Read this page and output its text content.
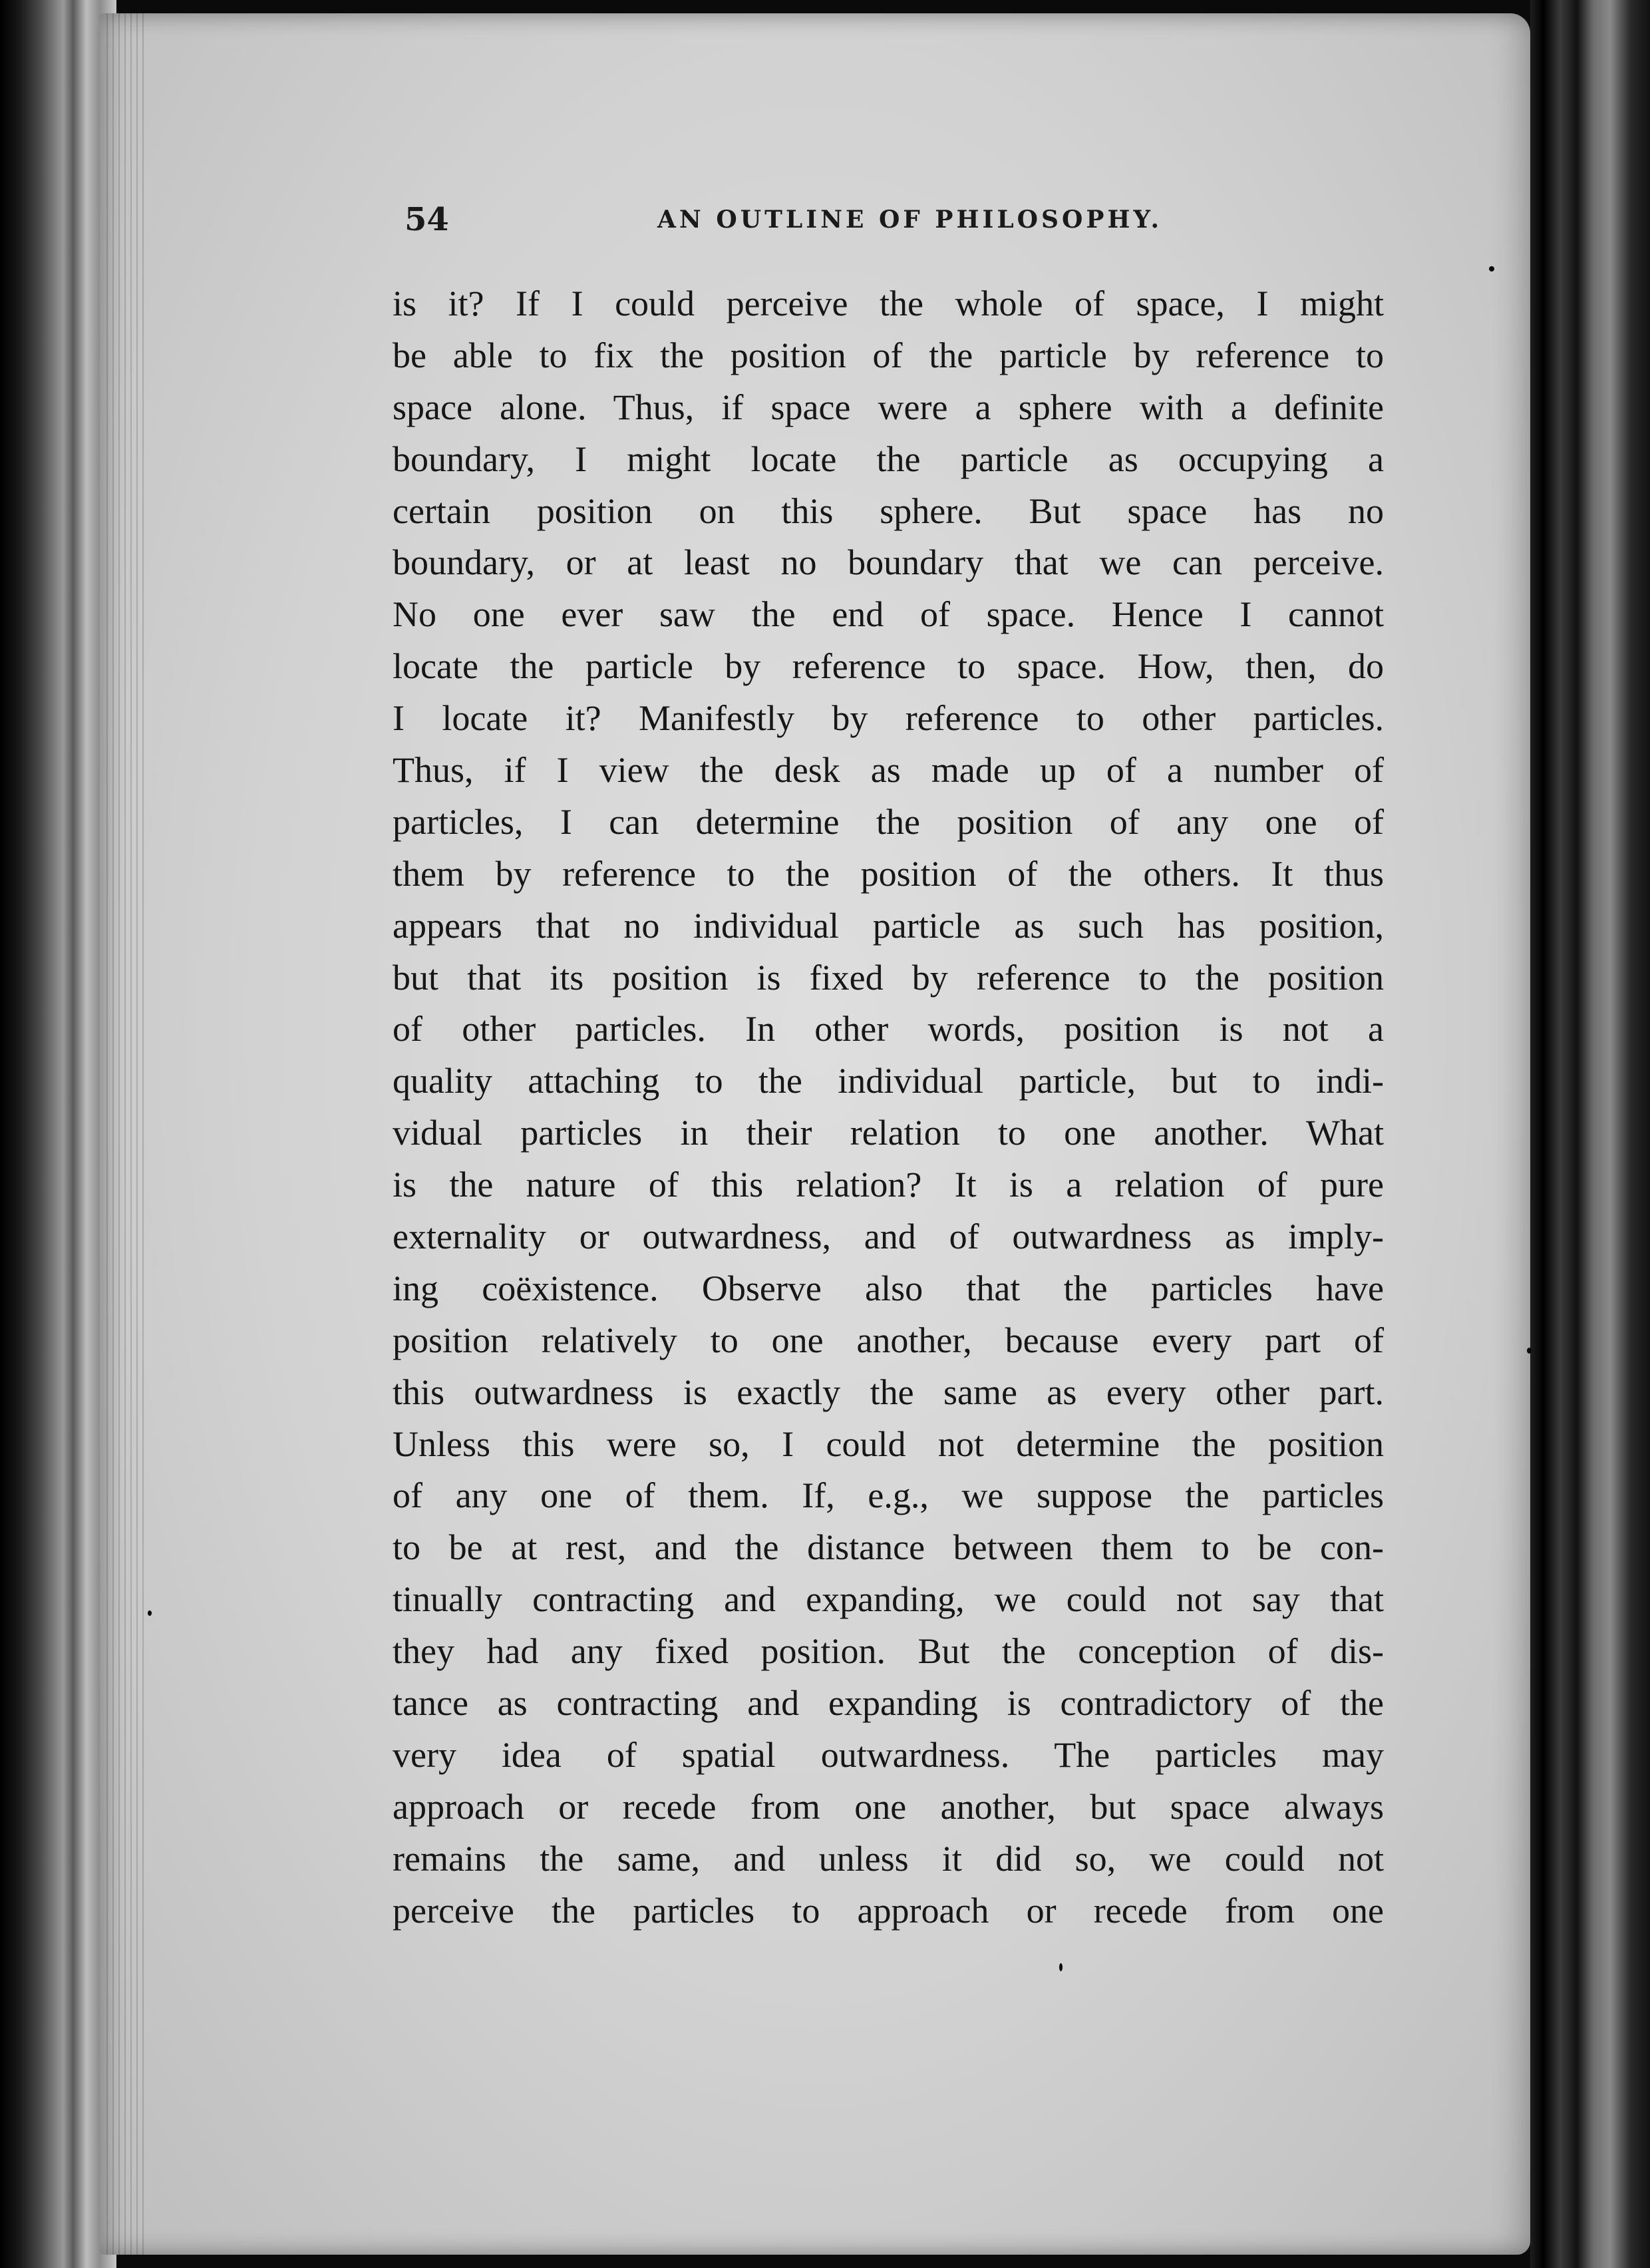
54	AN OUTLINE OF PHILOSOPHY.
is it? If I could perceive the whole of space, I might
be able to fix the position of the particle by reference to
space alone. Thus, if space were a sphere with a definite
boundary, I might locate the particle as occupying a
certain position on this sphere. But space has no
boundary, or at least no boundary that we can perceive.
No one ever saw the end of space. Hence I cannot
locate the particle by reference to space. How, then, do
I locate it? Manifestly by reference to other particles.
Thus, if I view the desk as made up of a number of
particles, I can determine the position of any one of
them by reference to the position of the others. It thus
appears that no individual particle as such has position,
but that its position is fixed by reference to the position
of other particles. In other words, position is not a
quality attaching to the individual particle, but to indi-
vidual particles in their relation to one another. What
is the nature of this relation? It is a relation of pure
externality or outwardness, and of outwardness as imply-
ing coëxistence. Observe also that the particles have
position relatively to one another, because every part of
this outwardness is exactly the same as every other part.
Unless this were so, I could not determine the position
of any one of them. If, e.g., we suppose the particles
to be at rest, and the distance between them to be con-
tinually contracting and expanding, we could not say that
they had any fixed position. But the conception of dis-
tance as contracting and expanding is contradictory of the
very idea of spatial outwardness. The particles may
approach or recede from one another, but space always
remains the same, and unless it did so, we could not
perceive the particles to approach or recede from one
